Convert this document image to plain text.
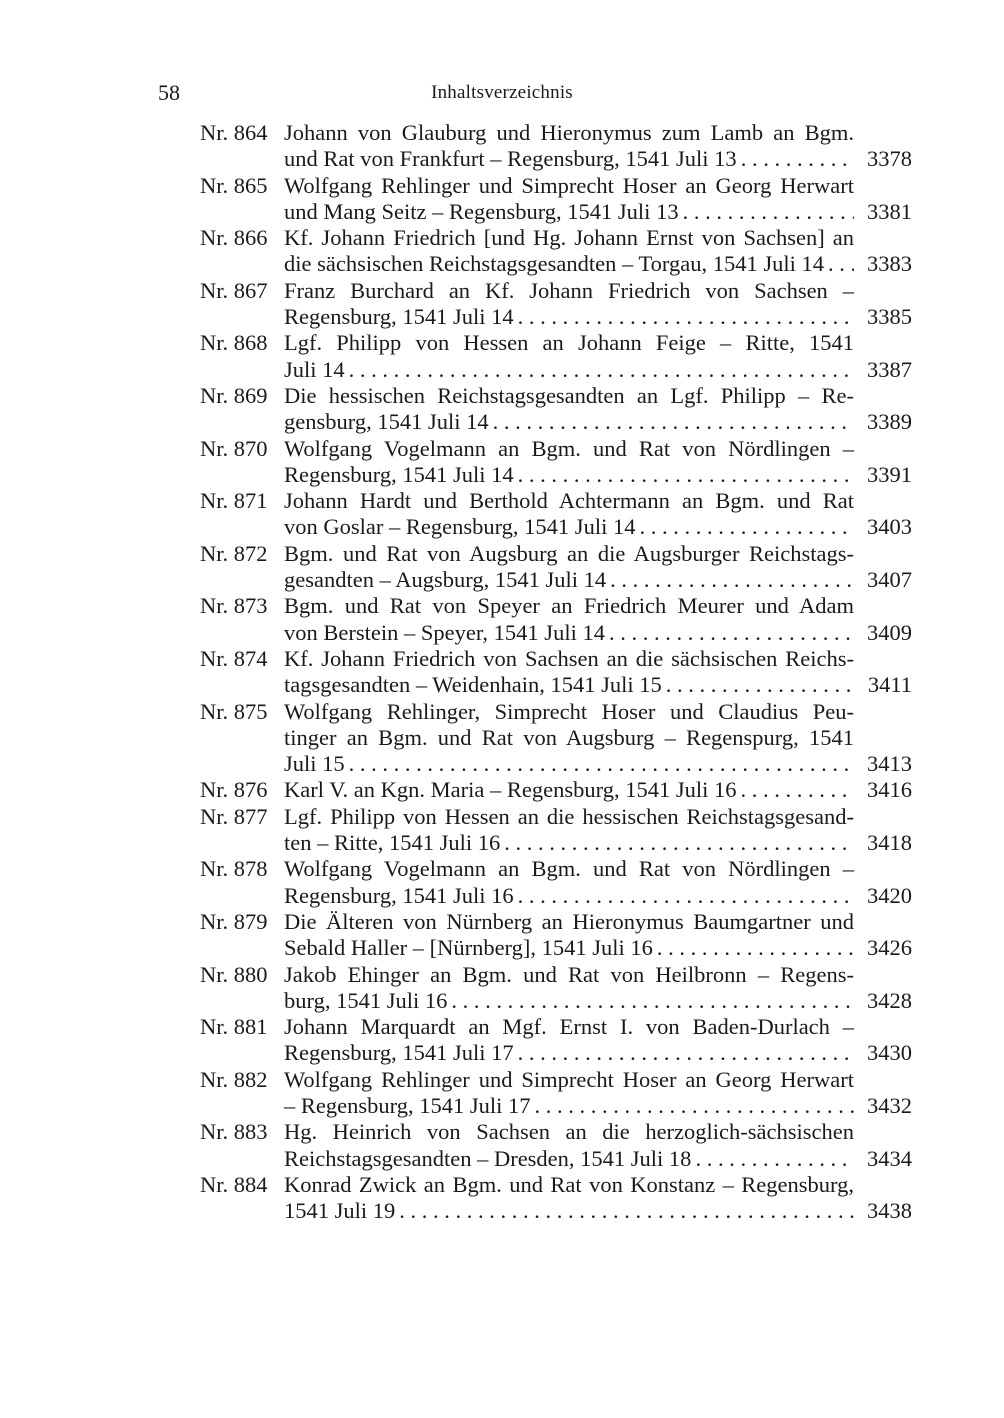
58	Inhaltsverzeichnis
Nr. 864 Johann von Glauburg und Hieronymus zum Lamb an Bgm.
und Rat von Frankfurt – Regensburg, 1541 Juli 13 . . .	3378
Nr. 865 Wolfgang Rehlinger und Simprecht Hoser an Georg Herwart
und Mang Seitz – Regensburg, 1541 Juli 13 . . .	3381
Nr. 866 Kf. Johann Friedrich [und Hg. Johann Ernst von Sachsen] an
die sächsischen Reichstagsgesandten – Torgau, 1541 Juli 14 . . . 3383
Nr. 867 Franz Burchard an Kf. Johann Friedrich von Sachsen –
Regensburg, 1541 Juli 14 . . .	3385
Nr. 868 Lgf. Philipp von Hessen an Johann Feige – Ritte, 1541
Juli 14 . . .	3387
Nr. 869 Die hessischen Reichstagsgesandten an Lgf. Philipp – Re-
gensburg, 1541 Juli 14 . . .	3389
Nr. 870 Wolfgang Vogelmann an Bgm. und Rat von Nördlingen –
Regensburg, 1541 Juli 14 . . .	3391
Nr. 871 Johann Hardt und Berthold Achtermann an Bgm. und Rat
von Goslar – Regensburg, 1541 Juli 14 . . .	3403
Nr. 872 Bgm. und Rat von Augsburg an die Augsburger Reichstags-
gesandten – Augsburg, 1541 Juli 14 . . .	3407
Nr. 873 Bgm. und Rat von Speyer an Friedrich Meurer und Adam
von Berstein – Speyer, 1541 Juli 14 . . .	3409
Nr. 874 Kf. Johann Friedrich von Sachsen an die sächsischen Reichs-
tagsgesandten – Weidenhain, 1541 Juli 15 . . .	3411
Nr. 875 Wolfgang Rehlinger, Simprecht Hoser und Claudius Peu-
tinger an Bgm. und Rat von Augsburg – Regenspurg, 1541
Juli 15 . . .	3413
Nr. 876 Karl V. an Kgn. Maria – Regensburg, 1541 Juli 16 . . .	3416
Nr. 877 Lgf. Philipp von Hessen an die hessischen Reichstagsgesand-
ten – Ritte, 1541 Juli 16 . . .	3418
Nr. 878 Wolfgang Vogelmann an Bgm. und Rat von Nördlingen –
Regensburg, 1541 Juli 16 . . .	3420
Nr. 879 Die Älteren von Nürnberg an Hieronymus Baumgartner und
Sebald Haller – [Nürnberg], 1541 Juli 16 . . .	3426
Nr. 880 Jakob Ehinger an Bgm. und Rat von Heilbronn – Regens-
burg, 1541 Juli 16 . . .	3428
Nr. 881 Johann Marquardt an Mgf. Ernst I. von Baden-Durlach –
Regensburg, 1541 Juli 17 . . .	3430
Nr. 882 Wolfgang Rehlinger und Simprecht Hoser an Georg Herwart
– Regensburg, 1541 Juli 17 . . .	3432
Nr. 883 Hg. Heinrich von Sachsen an die herzoglich-sächsischen
Reichstagsgesandten – Dresden, 1541 Juli 18 . . .	3434
Nr. 884 Konrad Zwick an Bgm. und Rat von Konstanz – Regensburg,
1541 Juli 19 . . .	3438
